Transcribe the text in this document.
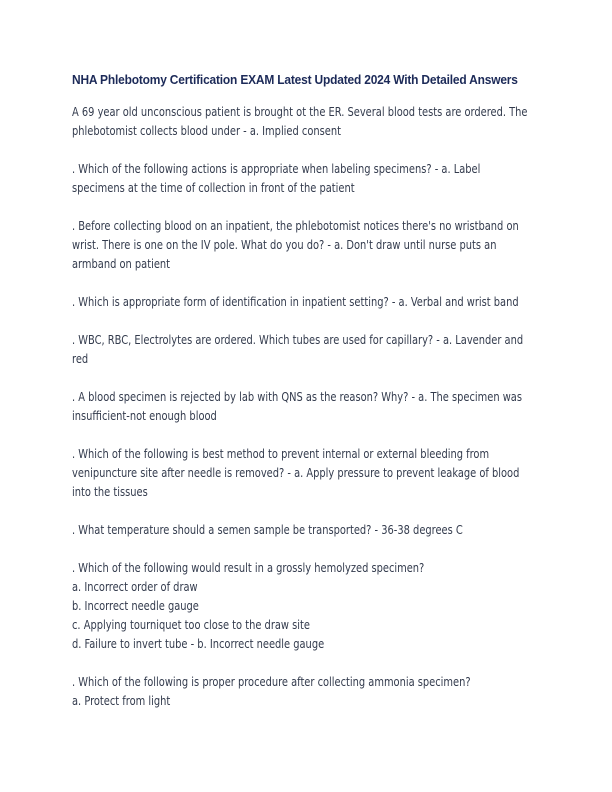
NHA Phlebotomy Certification EXAM Latest Updated 2024 With Detailed Answers
A 69 year old unconscious patient is brought ot the ER. Several blood tests are ordered. The
phlebotomist collects blood under - a. Implied consent
. Which of the following actions is appropriate when labeling specimens? - a. Label
specimens at the time of collection in front of the patient
. Before collecting blood on an inpatient, the phlebotomist notices there's no wristband on
wrist. There is one on the IV pole. What do you do? - a. Don't draw until nurse puts an
armband on patient
. Which is appropriate form of identification in inpatient setting? - a. Verbal and wrist band
. WBC, RBC, Electrolytes are ordered. Which tubes are used for capillary? - a. Lavender and
red
. A blood specimen is rejected by lab with QNS as the reason? Why? - a. The specimen was
insufficient-not enough blood
. Which of the following is best method to prevent internal or external bleeding from
venipuncture site after needle is removed? - a. Apply pressure to prevent leakage of blood
into the tissues
. What temperature should a semen sample be transported? - 36-38 degrees C
. Which of the following would result in a grossly hemolyzed specimen?
a. Incorrect order of draw
b. Incorrect needle gauge
c. Applying tourniquet too close to the draw site
d. Failure to invert tube - b. Incorrect needle gauge
. Which of the following is proper procedure after collecting ammonia specimen?
a. Protect from light
